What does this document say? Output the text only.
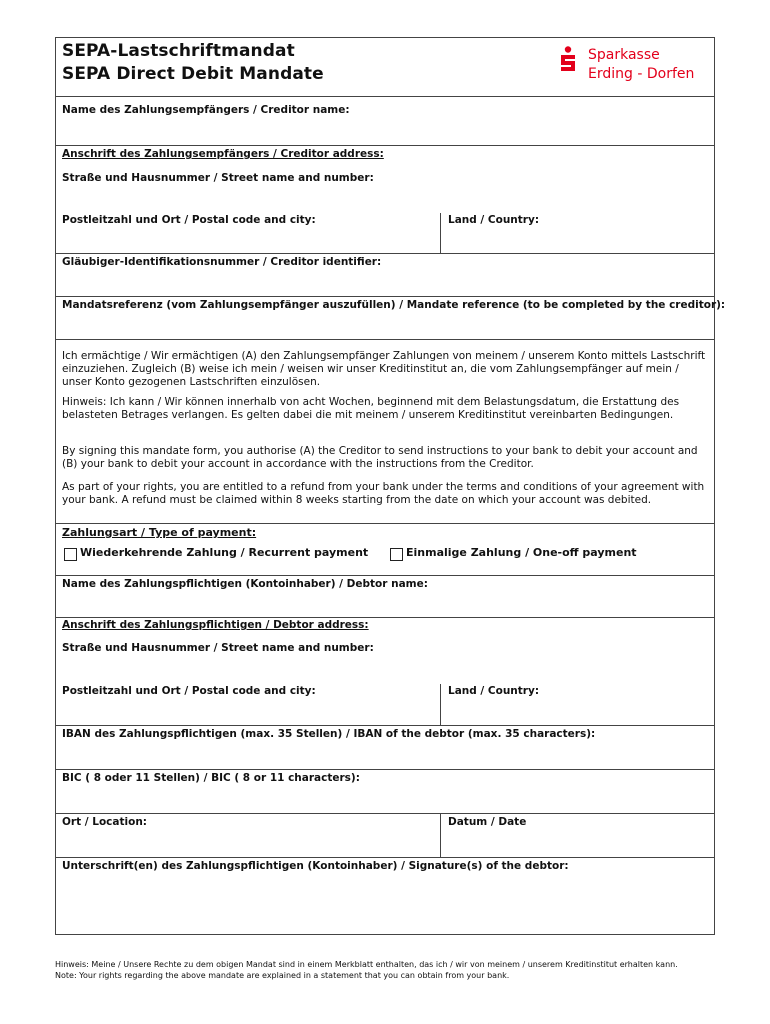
SEPA-Lastschriftmandat
SEPA Direct Debit Mandate
Sparkasse
Erding - Dorfen
Name des Zahlungsempfängers / Creditor name:
Anschrift des Zahlungsempfängers / Creditor address:
Straße und Hausnummer / Street name and number:
Postleitzahl und Ort / Postal code and city:	Land / Country:
Gläubiger-Identifikationsnummer / Creditor identifier:
Mandatsreferenz (vom Zahlungsempfänger auszufüllen) / Mandate reference (to be completed by the creditor):
Ich ermächtige / Wir ermächtigen (A) den Zahlungsempfänger Zahlungen von meinem / unserem Konto mittels Lastschrift einzuziehen. Zugleich (B) weise ich mein / weisen wir unser Kreditinstitut an, die vom Zahlungsempfänger auf mein / unser Konto gezogenen Lastschriften einzulösen.
Hinweis: Ich kann / Wir können innerhalb von acht Wochen, beginnend mit dem Belastungsdatum, die Erstattung des belasteten Betrages verlangen. Es gelten dabei die mit meinem / unserem Kreditinstitut vereinbarten Bedingungen.
By signing this mandate form, you authorise (A) the Creditor to send instructions to your bank to debit your account and (B) your bank to debit your account in accordance with the instructions from the Creditor.
As part of your rights, you are entitled to a refund from your bank under the terms and conditions of your agreement with your bank. A refund must be claimed within 8 weeks starting from the date on which your account was debited.
Zahlungsart / Type of payment:
Wiederkehrende Zahlung / Recurrent payment	Einmalige Zahlung / One-off payment
Name des Zahlungspflichtigen (Kontoinhaber) / Debtor name:
Anschrift des Zahlungspflichtigen / Debtor address:
Straße und Hausnummer / Street name and number:
Postleitzahl und Ort / Postal code and city:	Land / Country:
IBAN des Zahlungspflichtigen (max. 35 Stellen) / IBAN of the debtor (max. 35 characters):
BIC ( 8 oder 11 Stellen) / BIC ( 8 or 11 characters):
Ort / Location:	Datum / Date
Unterschrift(en) des Zahlungspflichtigen (Kontoinhaber) / Signature(s) of the debtor:
Hinweis: Meine / Unsere Rechte zu dem obigen Mandat sind in einem Merkblatt enthalten, das ich / wir von meinem / unserem Kreditinstitut erhalten kann.
Note: Your rights regarding the above mandate are explained in a statement that you can obtain from your bank.
